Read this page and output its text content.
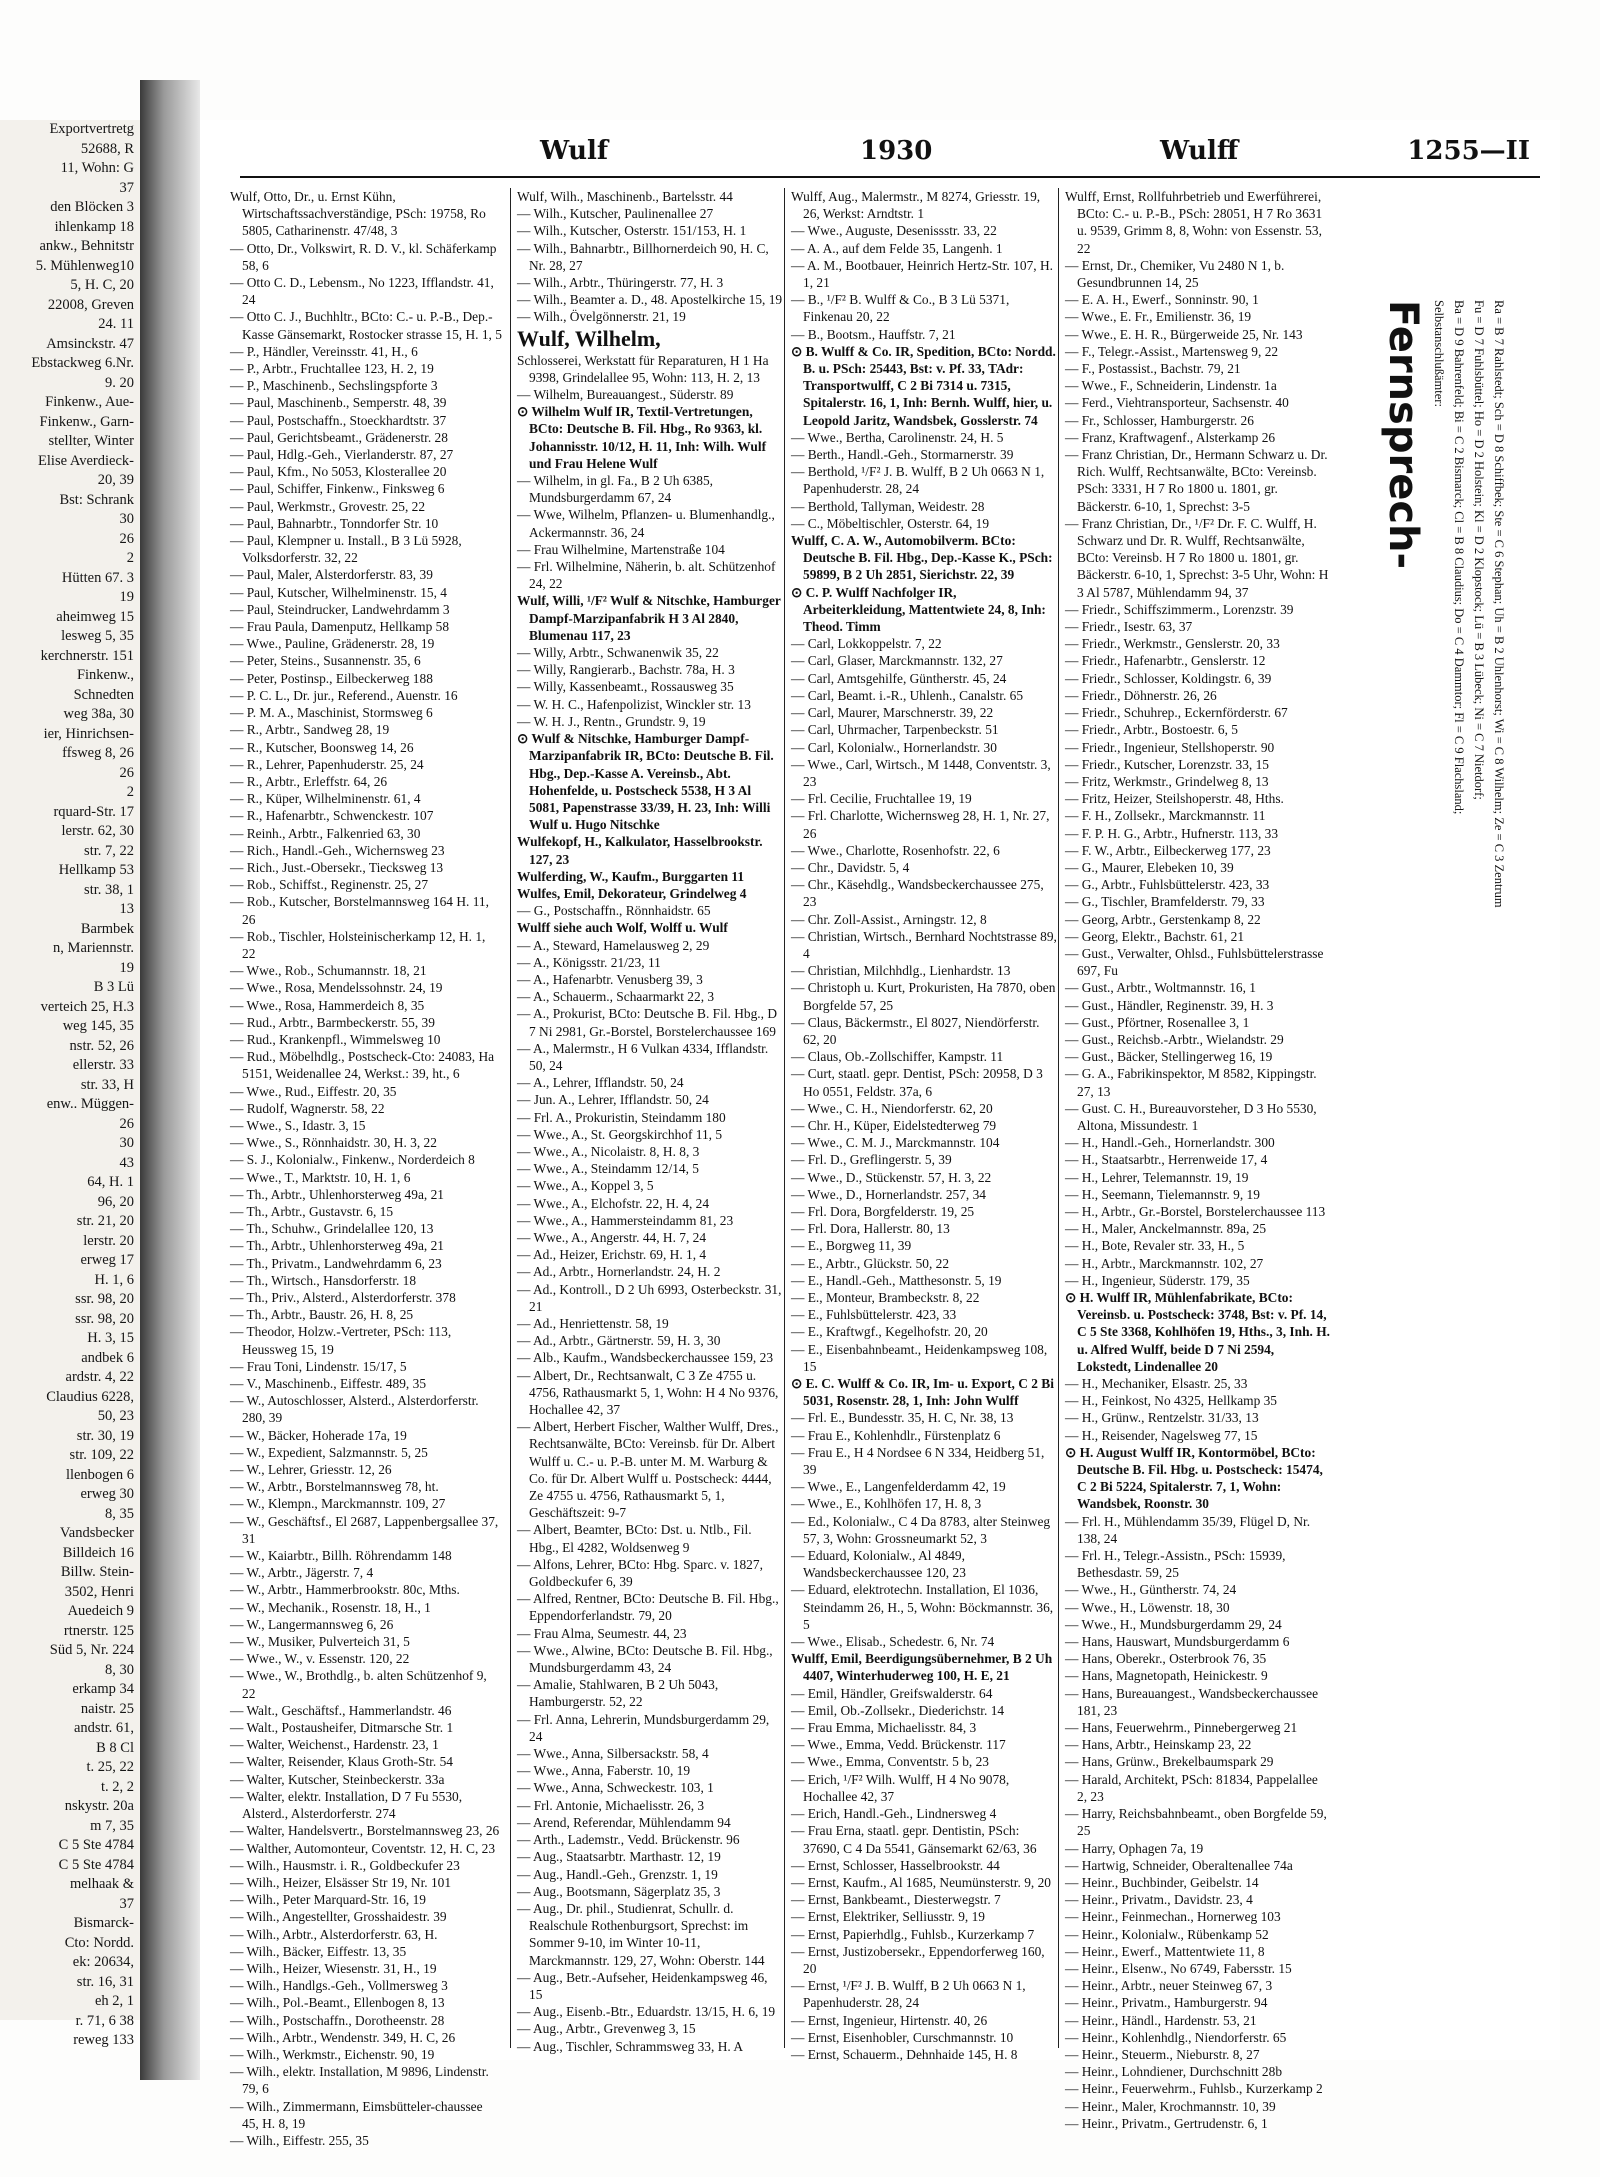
Exportvertretg
52688, R
11, Wohn: G
37
den Blöcken 3
ihlenkamp 18
ankw., Behnitstr
5. Mühlenweg10
5, H. C, 20
22008, Greven
24. 11
Amsinckstr. 47
Ebstackweg 6.Nr.
9. 20
Finkenw., Aue-
Finkenw., Garn-
stellter, Winter
Elise Averdieck-
20, 39
Bst: Schrank
30
26
2
Hütten 67. 3
19
aheimweg 15
lesweg 5, 35
kerchnerstr. 151
Finkenw.,
Schnedten
weg 38a, 30
ier, Hinrichsen-
ffsweg 8, 26
26
2
rquard-Str. 17
lerstr. 62, 30
str. 7, 22
Hellkamp 53
str. 38, 1
13
Barmbek
n, Mariennstr.
19
B 3 Lü
verteich 25, H.3
weg 145, 35
nstr. 52, 26
ellerstr. 33
str. 33, H
enw.. Müggen-
26
30
43
64, H. 1
96, 20
str. 21, 20
lerstr. 20
erweg 17
H. 1, 6
ssr. 98, 20
ssr. 98, 20
H. 3, 15
andbek 6
ardstr. 4, 22
Claudius 6228,
50, 23
str. 30, 19
str. 109, 22
llenbogen 6
erweg 30
8, 35
Vandsbecker
Billdeich 16
Billw. Stein-
3502, Henri
Auedeich 9
rtnerstr. 125
Süd 5, Nr. 224
8, 30
erkamp 34
naistr. 25
andstr. 61,
B 8 Cl
t. 25, 22
t. 2, 2
nskystr. 20a
m 7, 35
C 5 Ste 4784
C 5 Ste 4784
melhaak &
37
Bismarck-
Cto: Nordd.
ek: 20634,
str. 16, 31
eh 2, 1
r. 71, 6 38
reweg 133
Wulf	1930	Wulff	1255—II

Wulf, Otto, Dr., u. Ernst Kühn, Wirtschaftssachverständige, PSch: 19758, Ro 5805, Catharinenstr. 47/48, 3

— Otto, Dr., Volkswirt, R. D. V., kl. Schäferkamp 58, 6

— Otto C. D., Lebensm., No 1223, Ifflandstr. 41, 24

— Otto C. J., Buchhltr., BCto: C.- u. P.-B., Dep.-Kasse Gänsemarkt, Rostocker strasse 15, H. 1, 5

— P., Händler, Vereinsstr. 41, H., 6

— P., Arbtr., Fruchtallee 123, H. 2, 19

— P., Maschinenb., Sechslingspforte 3

— Paul, Maschinenb., Semperstr. 48, 39

— Paul, Postschaffn., Stoeckhardtstr. 37

— Paul, Gerichtsbeamt., Grädenerstr. 28

— Paul, Hdlg.-Geh., Vierlanderstr. 87, 27

— Paul, Kfm., No 5053, Klosterallee 20

— Paul, Schiffer, Finkenw., Finksweg 6

— Paul, Werkmstr., Grovestr. 25, 22

— Paul, Bahnarbtr., Tonndorfer Str. 10

— Paul, Klempner u. Install., B 3 Lü 5928, Volksdorferstr. 32, 22

— Paul, Maler, Alsterdorferstr. 83, 39

— Paul, Kutscher, Wilhelminenstr. 15, 4

— Paul, Steindrucker, Landwehrdamm 3

— Frau Paula, Damenputz, Hellkamp 58

— Wwe., Pauline, Grädenerstr. 28, 19

— Peter, Steins., Susannenstr. 35, 6

— Peter, Postinsp., Eilbeckerweg 188

— P. C. L., Dr. jur., Referend., Auenstr. 16

— P. M. A., Maschinist, Stormsweg 6

— R., Arbtr., Sandweg 28, 19

— R., Kutscher, Boonsweg 14, 26

— R., Lehrer, Papenhuderstr. 25, 24

— R., Arbtr., Erleffstr. 64, 26

— R., Küper, Wilhelminenstr. 61, 4

— R., Hafenarbtr., Schwenckestr. 107

— Reinh., Arbtr., Falkenried 63, 30

— Rich., Handl.-Geh., Wichernsweg 23

— Rich., Just.-Obersekr., Tiecksweg 13

— Rob., Schiffst., Reginenstr. 25, 27

— Rob., Kutscher, Borstelmannsweg 164 H. 11, 26

— Rob., Tischler, Holsteinischerkamp 12, H. 1, 22

— Wwe., Rob., Schumannstr. 18, 21

— Wwe., Rosa, Mendelssohnstr. 24, 19

— Wwe., Rosa, Hammerdeich 8, 35

— Rud., Arbtr., Barmbeckerstr. 55, 39

— Rud., Krankenpfl., Wimmelsweg 10

— Rud., Möbelhdlg., Postscheck-Cto: 24083, Ha 5151, Weidenallee 24, Werkst.: 39, ht., 6

— Wwe., Rud., Eiffestr. 20, 35

— Rudolf, Wagnerstr. 58, 22

— Wwe., S., Idastr. 3, 15

— Wwe., S., Rönnhaidstr. 30, H. 3, 22

— S. J., Kolonialw., Finkenw., Norderdeich 8

— Wwe., T., Marktstr. 10, H. 1, 6

— Th., Arbtr., Uhlenhorsterweg 49a, 21

— Th., Arbtr., Gustavstr. 6, 15

— Th., Schuhw., Grindelallee 120, 13

— Th., Arbtr., Uhlenhorsterweg 49a, 21

— Th., Privatm., Landwehrdamm 6, 23

— Th., Wirtsch., Hansdorferstr. 18

— Th., Priv., Alsterd., Alsterdorferstr. 378

— Th., Arbtr., Baustr. 26, H. 8, 25

— Theodor, Holzw.-Vertreter, PSch: 113, Heussweg 15, 19

— Frau Toni, Lindenstr. 15/17, 5

— V., Maschinenb., Eiffestr. 489, 35

— W., Autoschlosser, Alsterd., Alsterdorferstr. 280, 39

— W., Bäcker, Hoherade 17a, 19

— W., Expedient, Salzmannstr. 5, 25

— W., Lehrer, Griesstr. 12, 26

— W., Arbtr., Borstelmannsweg 78, ht.

— W., Klempn., Marckmannstr. 109, 27

— W., Geschäftsf., El 2687, Lappenbergsallee 37, 31

— W., Kaiarbtr., Billh. Röhrendamm 148

— W., Arbtr., Jägerstr. 7, 4

— W., Arbtr., Hammerbrookstr. 80c, Mths.

— W., Mechanik., Rosenstr. 18, H., 1

— W., Langermannsweg 6, 26

— W., Musiker, Pulverteich 31, 5

— Wwe., W., v. Essenstr. 120, 22

— Wwe., W., Brothdlg., b. alten Schützenhof 9, 22

— Walt., Geschäftsf., Hammerlandstr. 46

— Walt., Postausheifer, Ditmarsche Str. 1

— Walter, Weichenst., Hardenstr. 23, 1

— Walter, Reisender, Klaus Groth-Str. 54

— Walter, Kutscher, Steinbeckerstr. 33a

— Walter, elektr. Installation, D 7 Fu 5530, Alsterd., Alsterdorferstr. 274

— Walter, Handelsvertr., Borstelmannsweg 23, 26

— Walther, Automonteur, Coventstr. 12, H. C, 23

— Wilh., Hausmstr. i. R., Goldbeckufer 23

— Wilh., Heizer, Elsässer Str 19, Nr. 101

— Wilh., Peter Marquard-Str. 16, 19

— Wilh., Angestellter, Grosshaidestr. 39

— Wilh., Arbtr., Alsterdorferstr. 63, H.

— Wilh., Bäcker, Eiffestr. 13, 35

— Wilh., Heizer, Wiesenstr. 31, H., 19

— Wilh., Handlgs.-Geh., Vollmersweg 3

— Wilh., Pol.-Beamt., Ellenbogen 8, 13

— Wilh., Postschaffn., Dorotheenstr. 28

— Wilh., Arbtr., Wendenstr. 349, H. C, 26

— Wilh., Werkmstr., Eichenstr. 90, 19

— Wilh., elektr. Installation, M 9896, Lindenstr. 79, 6

— Wilh., Zimmermann, Eimsbütteler-chaussee 45, H. 8, 19

— Wilh., Eiffestr. 255, 35

Wulf, Wilh., Maschinenb., Bartelsstr. 44

— Wilh., Kutscher, Paulinenallee 27

— Wilh., Kutscher, Osterstr. 151/153, H. 1

— Wilh., Bahnarbtr., Billhornerdeich 90, H. C, Nr. 28, 27

— Wilh., Arbtr., Thüringerstr. 77, H. 3

— Wilh., Beamter a. D., 48. Apostelkirche 15, 19

— Wilh., Övelgönnerstr. 21, 19

Wulf, Wilhelm,

Schlosserei, Werkstatt für Reparaturen, H 1 Ha 9398, Grindelallee 95, Wohn: 113, H. 2, 13

— Wilhelm, Bureauangest., Süderstr. 89

⊙ Wilhelm Wulf IR, Textil-Vertretungen, BCto: Deutsche B. Fil. Hbg., Ro 9363, kl. Johannisstr. 10/12, H. 11, Inh: Wilh. Wulf und Frau Helene Wulf

— Wilhelm, in gl. Fa., B 2 Uh 6385, Mundsburgerdamm 67, 24

— Wwe, Wilhelm, Pflanzen- u. Blumenhandlg., Ackermannstr. 36, 24

— Frau Wilhelmine, Martenstraße 104

— Frl. Wilhelmine, Näherin, b. alt. Schützenhof 24, 22

Wulf, Willi, ¹/F² Wulf & Nitschke, Hamburger Dampf-Marzipanfabrik H 3 Al 2840, Blumenau 117, 23

— Willy, Arbtr., Schwanenwik 35, 22

— Willy, Rangierarb., Bachstr. 78a, H. 3

— Willy, Kassenbeamt., Rossausweg 35

— W. H. C., Hafenpolizist, Winckler str. 13

— W. H. J., Rentn., Grundstr. 9, 19

⊙ Wulf & Nitschke, Hamburger Dampf-Marzipanfabrik IR, BCto: Deutsche B. Fil. Hbg., Dep.-Kasse A. Vereinsb., Abt. Hohenfelde, u. Postscheck 5538, H 3 Al 5081, Papenstrasse 33/39, H. 23, Inh: Willi Wulf u. Hugo Nitschke

Wulfekopf, H., Kalkulator, Hasselbrookstr. 127, 23

Wulferding, W., Kaufm., Burggarten 11

Wulfes, Emil, Dekorateur, Grindelweg 4

— G., Postschaffn., Rönnhaidstr. 65

Wulff siehe auch Wolf, Wolff u. Wulf

— A., Steward, Hamelausweg 2, 29

— A., Königsstr. 21/23, 11

— A., Hafenarbtr. Venusberg 39, 3

— A., Schauerm., Schaarmarkt 22, 3

— A., Prokurist, BCto: Deutsche B. Fil. Hbg., D 7 Ni 2981, Gr.-Borstel, Borstelerchaussee 169

— A., Malermstr., H 6 Vulkan 4334, Ifflandstr. 50, 24

— A., Lehrer, Ifflandstr. 50, 24

— Jun. A., Lehrer, Ifflandstr. 50, 24

— Frl. A., Prokuristin, Steindamm 180

— Wwe., A., St. Georgskirchhof 11, 5

— Wwe., A., Nicolaistr. 8, H. 8, 3

— Wwe., A., Steindamm 12/14, 5

— Wwe., A., Koppel 3, 5

— Wwe., A., Elchofstr. 22, H. 4, 24

— Wwe., A., Hammersteindamm 81, 23

— Wwe., A., Angerstr. 44, H. 7, 24

— Ad., Heizer, Erichstr. 69, H. 1, 4

— Ad., Arbtr., Hornerlandstr. 24, H. 2

— Ad., Kontroll., D 2 Uh 6993, Osterbeckstr. 31, 21

— Ad., Henriettenstr. 58, 19

— Ad., Arbtr., Gärtnerstr. 59, H. 3, 30

— Alb., Kaufm., Wandsbeckerchaussee 159, 23

— Albert, Dr., Rechtsanwalt, C 3 Ze 4755 u. 4756, Rathausmarkt 5, 1, Wohn: H 4 No 9376, Hochallee 42, 37

— Albert, Herbert Fischer, Walther Wulff, Dres., Rechtsanwälte, BCto: Vereinsb. für Dr. Albert Wulff u. C.- u. P.-B. unter M. M. Warburg & Co. für Dr. Albert Wulff u. Postscheck: 4444, Ze 4755 u. 4756, Rathausmarkt 5, 1, Geschäftszeit: 9-7

— Albert, Beamter, BCto: Dst. u. Ntlb., Fil. Hbg., El 4282, Woldsenweg 9

— Alfons, Lehrer, BCto: Hbg. Sparc. v. 1827, Goldbeckufer 6, 39

— Alfred, Rentner, BCto: Deutsche B. Fil. Hbg., Eppendorferlandstr. 79, 20

— Frau Alma, Seumestr. 44, 23

— Wwe., Alwine, BCto: Deutsche B. Fil. Hbg., Mundsburgerdamm 43, 24

— Amalie, Stahlwaren, B 2 Uh 5043, Hamburgerstr. 52, 22

— Frl. Anna, Lehrerin, Mundsburgerdamm 29, 24

— Wwe., Anna, Silbersackstr. 58, 4

— Wwe., Anna, Faberstr. 10, 19

— Wwe., Anna, Schweckestr. 103, 1

— Frl. Antonie, Michaelisstr. 26, 3

— Arend, Referendar, Mühlendamm 94

— Arth., Lademstr., Vedd. Brückenstr. 96

— Aug., Staatsarbtr. Marthastr. 12, 19

— Aug., Handl.-Geh., Grenzstr. 1, 19

— Aug., Bootsmann, Sägerplatz 35, 3

— Aug., Dr. phil., Studienrat, Schullr. d. Realschule Rothenburgsort, Sprechst: im Sommer 9-10, im Winter 10-11, Marckmannstr. 129, 27, Wohn: Oberstr. 144

— Aug., Betr.-Aufseher, Heidenkampsweg 46, 15

— Aug., Eisenb.-Btr., Eduardstr. 13/15, H. 6, 19

— Aug., Arbtr., Grevenweg 3, 15

— Aug., Tischler, Schrammsweg 33, H. A

Wulff, Aug., Malermstr., M 8274, Griesstr. 19, 26, Werkst: Arndtstr. 1

— Wwe., Auguste, Desenissstr. 33, 22

— A. A., auf dem Felde 35, Langenh. 1

— A. M., Bootbauer, Heinrich Hertz-Str. 107, H. 1, 21

— B., ¹/F² B. Wulff & Co., B 3 Lü 5371, Finkenau 20, 22

— B., Bootsm., Hauffstr. 7, 21

⊙ B. Wulff & Co. IR, Spedition, BCto: Nordd. B. u. PSch: 25443, Bst: v. Pf. 33, TAdr: Transportwulff, C 2 Bi 7314 u. 7315, Spitalerstr. 16, 1, Inh: Bernh. Wulff, hier, u. Leopold Jaritz, Wandsbek, Gosslerstr. 74

— Wwe., Bertha, Carolinenstr. 24, H. 5

— Berth., Handl.-Geh., Stormarnerstr. 39

— Berthold, ¹/F² J. B. Wulff, B 2 Uh 0663 N 1, Papenhuderstr. 28, 24

— Berthold, Tallyman, Weidestr. 28

— C., Möbeltischler, Osterstr. 64, 19

Wulff, C. A. W., Automobilverm. BCto: Deutsche B. Fil. Hbg., Dep.-Kasse K., PSch: 59899, B 2 Uh 2851, Sierichstr. 22, 39

⊙ C. P. Wulff Nachfolger IR, Arbeiterkleidung, Mattentwiete 24, 8, Inh: Theod. Timm

— Carl, Lokkoppelstr. 7, 22

— Carl, Glaser, Marckmannstr. 132, 27

— Carl, Amtsgehilfe, Güntherstr. 45, 24

— Carl, Beamt. i.-R., Uhlenh., Canalstr. 65

— Carl, Maurer, Marschnerstr. 39, 22

— Carl, Uhrmacher, Tarpenbeckstr. 51

— Carl, Kolonialw., Hornerlandstr. 30

— Wwe., Carl, Wirtsch., M 1448, Conventstr. 3, 23

— Frl. Cecilie, Fruchtallee 19, 19

— Frl. Charlotte, Wichernsweg 28, H. 1, Nr. 27, 26

— Wwe., Charlotte, Rosenhofstr. 22, 6

— Chr., Davidstr. 5, 4

— Chr., Käsehdlg., Wandsbeckerchaussee 275, 23

— Chr. Zoll-Assist., Arningstr. 12, 8

— Christian, Wirtsch., Bernhard Nochtstrasse 89, 4

— Christian, Milchhdlg., Lienhardstr. 13

— Christoph u. Kurt, Prokuristen, Ha 7870, oben Borgfelde 57, 25

— Claus, Bäckermstr., El 8027, Niendörferstr. 62, 20

— Claus, Ob.-Zollschiffer, Kampstr. 11

— Curt, staatl. gepr. Dentist, PSch: 20958, D 3 Ho 0551, Feldstr. 37a, 6

— Wwe., C. H., Niendorferstr. 62, 20

— Chr. H., Küper, Eidelstedterweg 79

— Wwe., C. M. J., Marckmannstr. 104

— Frl. D., Greflingerstr. 5, 39

— Wwe., D., Stückenstr. 57, H. 3, 22

— Wwe., D., Hornerlandstr. 257, 34

— Frl. Dora, Borgfelderstr. 19, 25

— Frl. Dora, Hallerstr. 80, 13

— E., Borgweg 11, 39

— E., Arbtr., Glückstr. 50, 22

— E., Handl.-Geh., Matthesonstr. 5, 19

— E., Monteur, Brambeckstr. 8, 22

— E., Fuhlsbüttelerstr. 423, 33

— E., Kraftwgf., Kegelhofstr. 20, 20

— E., Eisenbahnbeamt., Heidenkampsweg 108, 15

⊙ E. C. Wulff & Co. IR, Im- u. Export, C 2 Bi 5031, Rosenstr. 28, 1, Inh: John Wulff

— Frl. E., Bundesstr. 35, H. C, Nr. 38, 13

— Frau E., Kohlenhdlr., Fürstenplatz 6

— Frau E., H 4 Nordsee 6 N 334, Heidberg 51, 39

— Wwe., E., Langenfelderdamm 42, 19

— Wwe., E., Kohlhöfen 17, H. 8, 3

— Ed., Kolonialw., C 4 Da 8783, alter Steinweg 57, 3, Wohn: Grossneumarkt 52, 3

— Eduard, Kolonialw., Al 4849, Wandsbeckerchaussee 120, 23

— Eduard, elektrotechn. Installation, El 1036, Steindamm 26, H., 5, Wohn: Böckmannstr. 36, 5

— Wwe., Elisab., Schedestr. 6, Nr. 74

Wulff, Emil, Beerdigungsübernehmer, B 2 Uh 4407, Winterhuderweg 100, H. E, 21

— Emil, Händler, Greifswalderstr. 64

— Emil, Ob.-Zollsekr., Diederichstr. 14

— Frau Emma, Michaelisstr. 84, 3

— Wwe., Emma, Vedd. Brückenstr. 117

— Wwe., Emma, Conventstr. 5 b, 23

— Erich, ¹/F² Wilh. Wulff, H 4 No 9078, Hochallee 42, 37

— Erich, Handl.-Geh., Lindnersweg 4

— Frau Erna, staatl. gepr. Dentistin, PSch: 37690, C 4 Da 5541, Gänsemarkt 62/63, 36

— Ernst, Schlosser, Hasselbrookstr. 44

— Ernst, Kaufm., Al 1685, Neumünsterstr. 9, 20

— Ernst, Bankbeamt., Diesterwegstr. 7

— Ernst, Elektriker, Selliusstr. 9, 19

— Ernst, Papierhdlg., Fuhlsb., Kurzerkamp 7

— Ernst, Justizobersekr., Eppendorferweg 160, 20

— Ernst, ¹/F² J. B. Wulff, B 2 Uh 0663 N 1, Papenhuderstr. 28, 24

— Ernst, Ingenieur, Hirtenstr. 40, 26

— Ernst, Eisenhobler, Curschmannstr. 10

— Ernst, Schauerm., Dehnhaide 145, H. 8

Wulff, Ernst, Rollfuhrbetrieb und Ewerführerei, BCto: C.- u. P.-B., PSch: 28051, H 7 Ro 3631 u. 9539, Grimm 8, 8, Wohn: von Essenstr. 53, 22

— Ernst, Dr., Chemiker, Vu 2480 N 1, b. Gesundbrunnen 14, 25

— E. A. H., Ewerf., Sonninstr. 90, 1

— Wwe., E. Fr., Emilienstr. 36, 19

— Wwe., E. H. R., Bürgerweide 25, Nr. 143

— F., Telegr.-Assist., Martensweg 9, 22

— F., Postassist., Bachstr. 79, 21

— Wwe., F., Schneiderin, Lindenstr. 1a

— Ferd., Viehtransporteur, Sachsenstr. 40

— Fr., Schlosser, Hamburgerstr. 26

— Franz, Kraftwagenf., Alsterkamp 26

— Franz Christian, Dr., Hermann Schwarz u. Dr. Rich. Wulff, Rechtsanwälte, BCto: Vereinsb. PSch: 3331, H 7 Ro 1800 u. 1801, gr. Bäckerstr. 6-10, 1, Sprechst: 3-5

— Franz Christian, Dr., ¹/F² Dr. F. C. Wulff, H. Schwarz und Dr. R. Wulff, Rechtsanwälte, BCto: Vereinsb. H 7 Ro 1800 u. 1801, gr. Bäckerstr. 6-10, 1, Sprechst: 3-5 Uhr, Wohn: H 3 Al 5787, Mühlendamm 94, 37

— Friedr., Schiffszimmerm., Lorenzstr. 39

— Friedr., Isestr. 63, 37

— Friedr., Werkmstr., Genslerstr. 20, 33

— Friedr., Hafenarbtr., Genslerstr. 12

— Friedr., Schlosser, Koldingstr. 6, 39

— Friedr., Döhnerstr. 26, 26

— Friedr., Schuhrep., Eckernförderstr. 67

— Friedr., Arbtr., Bostoestr. 6, 5

— Friedr., Ingenieur, Stellshoperstr. 90

— Friedr., Kutscher, Lorenzstr. 33, 15

— Fritz, Werkmstr., Grindelweg 8, 13

— Fritz, Heizer, Steilshoperstr. 48, Hths.

— F. H., Zollsekr., Marckmannstr. 11

— F. P. H. G., Arbtr., Hufnerstr. 113, 33

— F. W., Arbtr., Eilbeckerweg 177, 23

— G., Maurer, Elebeken 10, 39

— G., Arbtr., Fuhlsbüttelerstr. 423, 33

— G., Tischler, Bramfelderstr. 79, 33

— Georg, Arbtr., Gerstenkamp 8, 22

— Georg, Elektr., Bachstr. 61, 21

— Gust., Verwalter, Ohlsd., Fuhlsbüttelerstrasse 697, Fu

— Gust., Arbtr., Woltmannstr. 16, 1

— Gust., Händler, Reginenstr. 39, H. 3

— Gust., Pförtner, Rosenallee 3, 1

— Gust., Reichsb.-Arbtr., Wielandstr. 29

— Gust., Bäcker, Stellingerweg 16, 19

— G. A., Fabrikinspektor, M 8582, Kippingstr. 27, 13

— Gust. C. H., Bureauvorsteher, D 3 Ho 5530, Altona, Missundestr. 1

— H., Handl.-Geh., Hornerlandstr. 300

— H., Staatsarbtr., Herrenweide 17, 4

— H., Lehrer, Telemannstr. 19, 19

— H., Seemann, Tielemannstr. 9, 19

— H., Arbtr., Gr.-Borstel, Borstelerchaussee 113

— H., Maler, Anckelmannstr. 89a, 25

— H., Bote, Revaler str. 33, H., 5

— H., Arbtr., Marckmannstr. 102, 27

— H., Ingenieur, Süderstr. 179, 35

⊙ H. Wulff IR, Mühlenfabrikate, BCto: Vereinsb. u. Postscheck: 3748, Bst: v. Pf. 14, C 5 Ste 3368, Kohlhöfen 19, Hths., 3, Inh. H. u. Alfred Wulff, beide D 7 Ni 2594, Lokstedt, Lindenallee 20

— H., Mechaniker, Elsastr. 25, 33

— H., Feinkost, No 4325, Hellkamp 35

— H., Grünw., Rentzelstr. 31/33, 13

— H., Reisender, Nagelsweg 77, 15

⊙ H. August Wulff IR, Kontormöbel, BCto: Deutsche B. Fil. Hbg. u. Postscheck: 15474, C 2 Bi 5224, Spitalerstr. 7, 1, Wohn: Wandsbek, Roonstr. 30

— Frl. H., Mühlendamm 35/39, Flügel D, Nr. 138, 24

— Frl. H., Telegr.-Assistn., PSch: 15939, Bethesdastr. 59, 25

— Wwe., H., Güntherstr. 74, 24

— Wwe., H., Löwenstr. 18, 30

— Wwe., H., Mundsburgerdamm 29, 24

— Hans, Hauswart, Mundsburgerdamm 6

— Hans, Oberekr., Osterbrook 76, 35

— Hans, Magnetopath, Heinickestr. 9

— Hans, Bureauangest., Wandsbeckerchaussee 181, 23

— Hans, Feuerwehrm., Pinnebergerweg 21

— Hans, Arbtr., Heinskamp 23, 22

— Hans, Grünw., Brekelbaumspark 29

— Harald, Architekt, PSch: 81834, Pappelallee 2, 23

— Harry, Reichsbahnbeamt., oben Borgfelde 59, 25

— Harry, Ophagen 7a, 19

— Hartwig, Schneider, Oberaltenallee 74a

— Heinr., Buchbinder, Geibelstr. 14

— Heinr., Privatm., Davidstr. 23, 4

— Heinr., Feinmechan., Hornerweg 103

— Heinr., Kolonialw., Rübenkamp 52

— Heinr., Ewerf., Mattentwiete 11, 8

— Heinr., Elsenw., No 6749, Fabersstr. 15

— Heinr., Arbtr., neuer Steinweg 67, 3

— Heinr., Privatm., Hamburgerstr. 94

— Heinr., Händl., Hardenstr. 53, 21

— Heinr., Kohlenhdlg., Niendorferstr. 65

— Heinr., Steuerm., Nieburstr. 8, 27

— Heinr., Lohndiener, Durchschnitt 28b

— Heinr., Feuerwehrm., Fuhlsb., Kurzerkamp 2

— Heinr., Maler, Krochmannstr. 10, 39

— Heinr., Privatm., Gertrudenstr. 6, 1

Fernsprech- Selbstanschlußämter: Ba = D 9 Bahrenfeld; Bi = C 2 Bismarck; Cl = B 8 Claudius; Do = C 4 Dammtor; Fl = C 9 Flachsland; Fu = D 7 Fuhlsbüttel; Ho = D 2 Holstein; Kl = D 2 Klopstock; Lü = B 3 Lübeck; Ni = C 7 Nietdorf; Ra = B 7 Rahlstedt; Sch = D 8 Schiffbek; Ste = C 6 Stephan; Uh = B 2 Uhlenhorst; Wi = C 8 Wilhelm; Ze = C 3 Zentrum
